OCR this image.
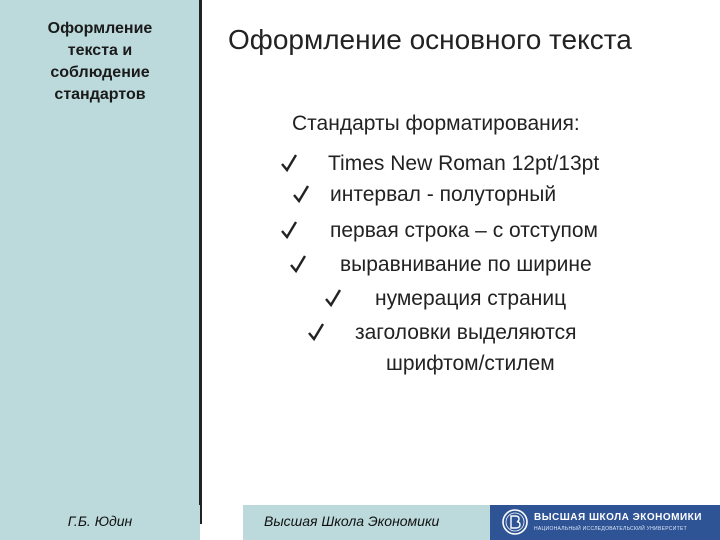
Оформление
текста и
соблюдение
стандартов
Оформление основного текста
Стандарты форматирования:
Times New Roman 12pt/13pt
интервал - полуторный
первая строка – с отступом
выравнивание по ширине
нумерация страниц
заголовки выделяются
шрифтом/стилем
Г.Б. Юдин	Высшая Школа Экономики	ВЫСШАЯ ШКОЛА ЭКОНОМИКИ
НАЦИОНАЛЬНЫЙ ИССЛЕДОВАТЕЛЬСКИЙ УНИВЕРСИТЕТ
